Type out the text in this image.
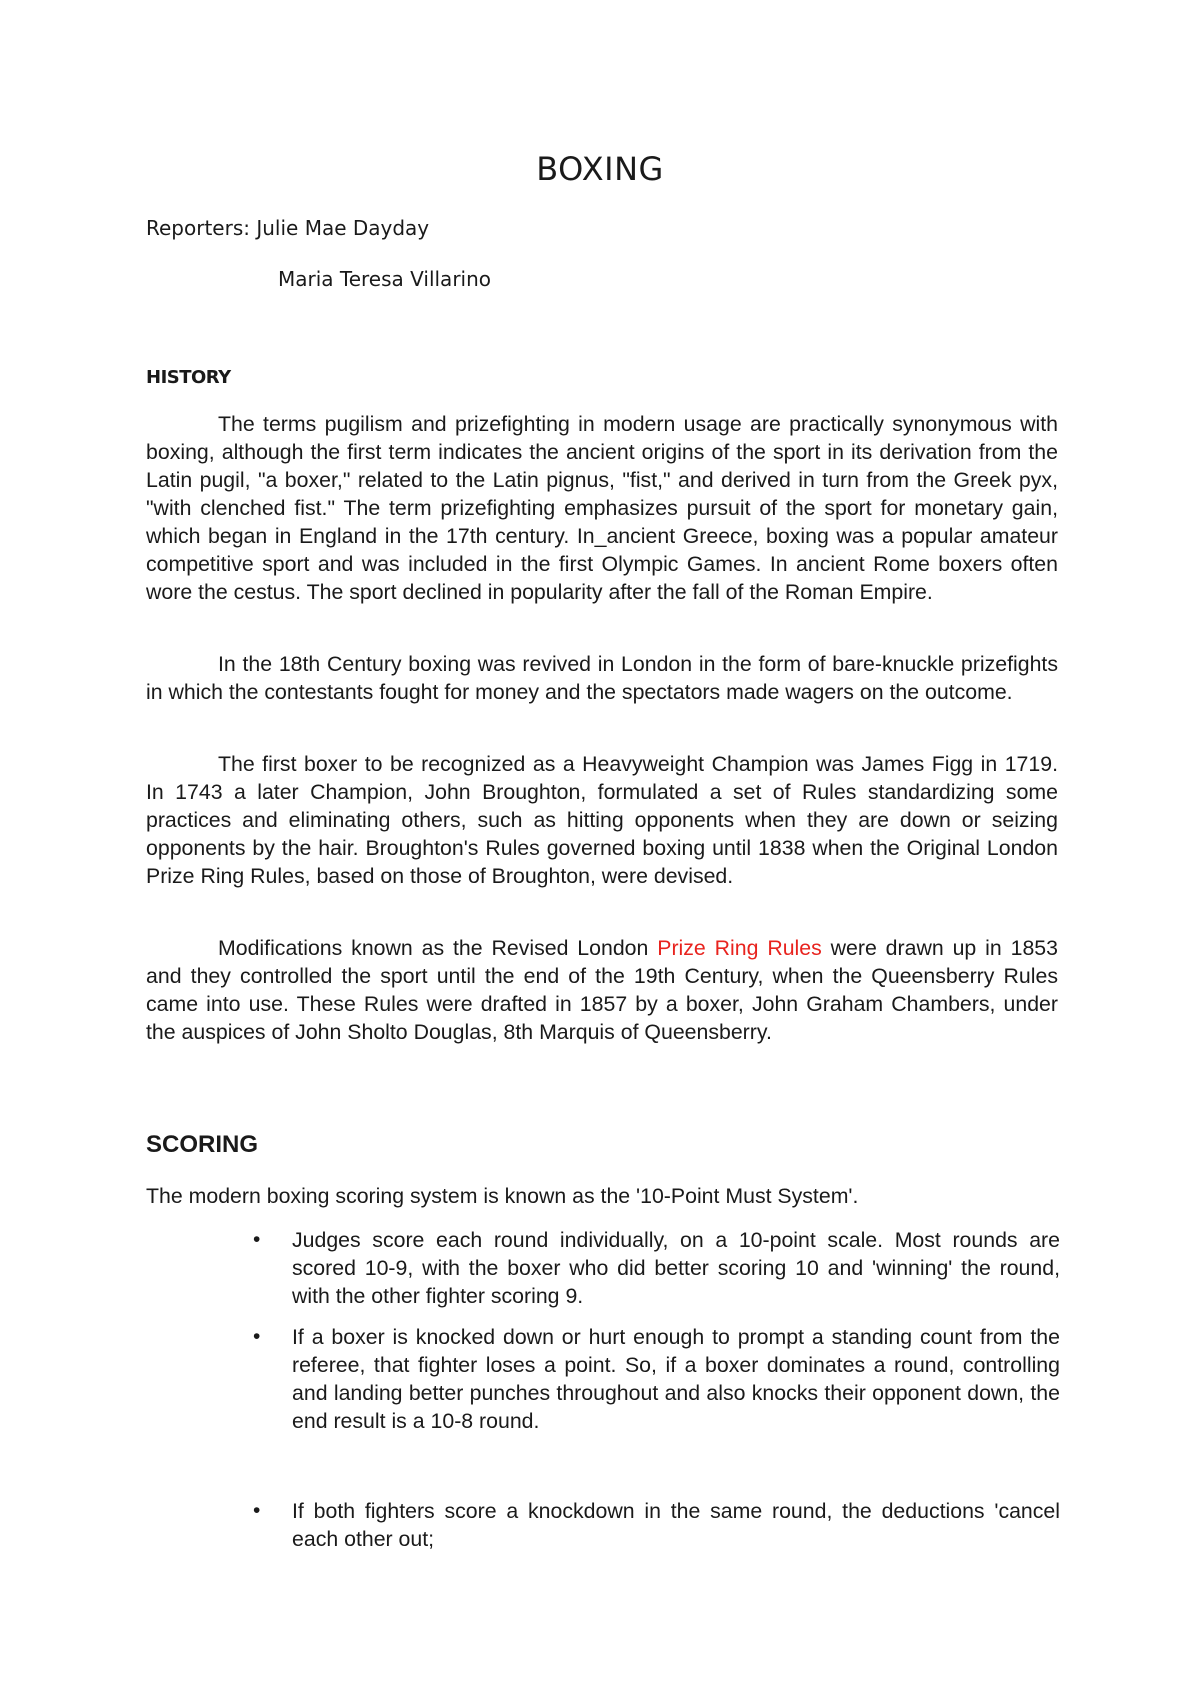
BOXING
Reporters: Julie Mae Dayday
Maria Teresa Villarino
HISTORY

The terms pugilism and prizefighting in modern usage are practically synonymous with boxing, although the first term indicates the ancient origins of the sport in its derivation from the Latin pugil, "a boxer," related to the Latin pignus, "fist," and derived in turn from the Greek pyx, "with clenched fist." The term prizefighting emphasizes pursuit of the sport for monetary gain, which began in England in the 17th century. In_ancient Greece, boxing was a popular amateur competitive sport and was included in the first Olympic Games. In ancient Rome boxers often wore the cestus. The sport declined in popularity after the fall of the Roman Empire.

In the 18th Century boxing was revived in London in the form of bare-knuckle prizefights in which the contestants fought for money and the spectators made wagers on the outcome.

The first boxer to be recognized as a Heavyweight Champion was James Figg in 1719. In 1743 a later Champion, John Broughton, formulated a set of Rules standardizing some practices and eliminating others, such as hitting opponents when they are down or seizing opponents by the hair. Broughton's Rules governed boxing until 1838 when the Original London Prize Ring Rules, based on those of Broughton, were devised.

Modifications known as the Revised London Prize Ring Rules were drawn up in 1853 and they controlled the sport until the end of the 19th Century, when the Queensberry Rules came into use. These Rules were drafted in 1857 by a boxer, John Graham Chambers, under the auspices of John Sholto Douglas, 8th Marquis of Queensberry.

SCORING
The modern boxing scoring system is known as the '10-Point Must System'.
• Judges score each round individually, on a 10-point scale. Most rounds are scored 10-9, with the boxer who did better scoring 10 and 'winning' the round, with the other fighter scoring 9.
• If a boxer is knocked down or hurt enough to prompt a standing count from the referee, that fighter loses a point. So, if a boxer dominates a round, controlling and landing better punches throughout and also knocks their opponent down, the end result is a 10-8 round.
• If both fighters score a knockdown in the same round, the deductions 'cancel each other out;
